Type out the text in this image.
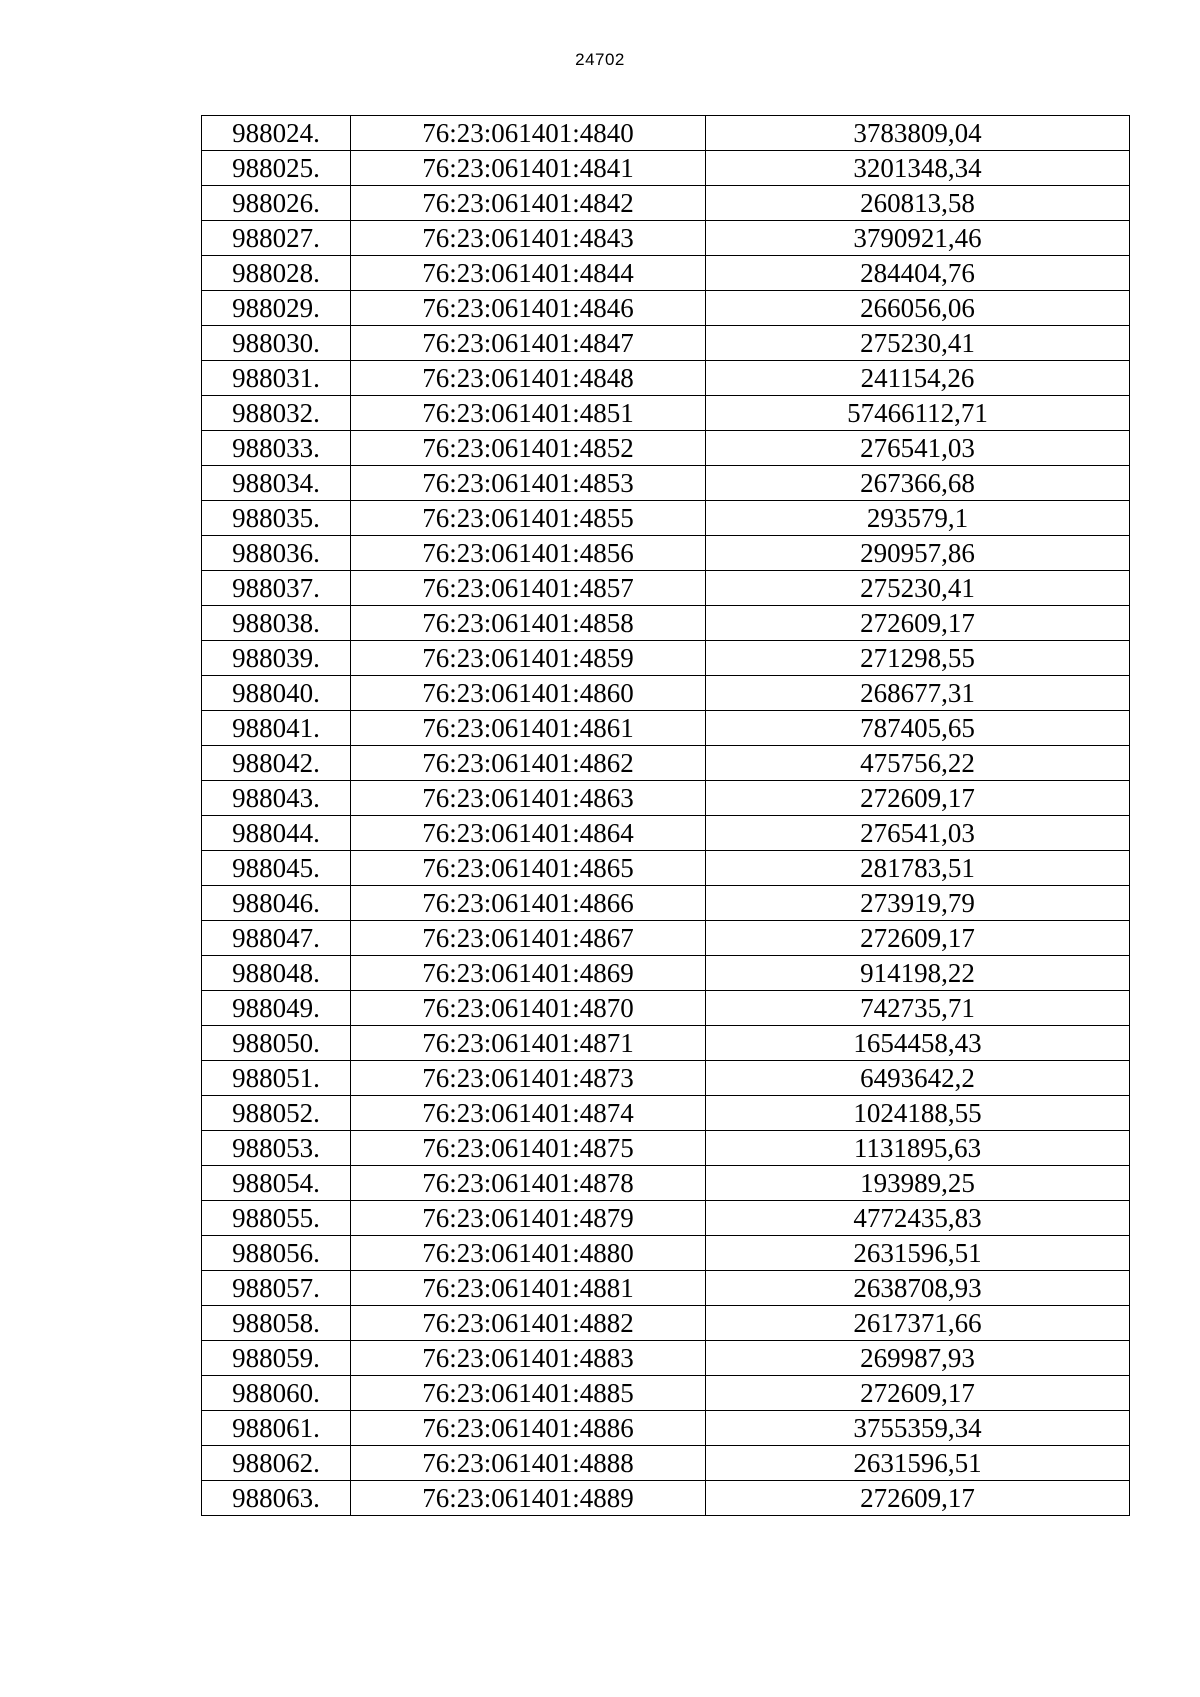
24702
988024.	76:23:061401:4840	3783809,04
988025.	76:23:061401:4841	3201348,34
988026.	76:23:061401:4842	260813,58
988027.	76:23:061401:4843	3790921,46
988028.	76:23:061401:4844	284404,76
988029.	76:23:061401:4846	266056,06
988030.	76:23:061401:4847	275230,41
988031.	76:23:061401:4848	241154,26
988032.	76:23:061401:4851	57466112,71
988033.	76:23:061401:4852	276541,03
988034.	76:23:061401:4853	267366,68
988035.	76:23:061401:4855	293579,1
988036.	76:23:061401:4856	290957,86
988037.	76:23:061401:4857	275230,41
988038.	76:23:061401:4858	272609,17
988039.	76:23:061401:4859	271298,55
988040.	76:23:061401:4860	268677,31
988041.	76:23:061401:4861	787405,65
988042.	76:23:061401:4862	475756,22
988043.	76:23:061401:4863	272609,17
988044.	76:23:061401:4864	276541,03
988045.	76:23:061401:4865	281783,51
988046.	76:23:061401:4866	273919,79
988047.	76:23:061401:4867	272609,17
988048.	76:23:061401:4869	914198,22
988049.	76:23:061401:4870	742735,71
988050.	76:23:061401:4871	1654458,43
988051.	76:23:061401:4873	6493642,2
988052.	76:23:061401:4874	1024188,55
988053.	76:23:061401:4875	1131895,63
988054.	76:23:061401:4878	193989,25
988055.	76:23:061401:4879	4772435,83
988056.	76:23:061401:4880	2631596,51
988057.	76:23:061401:4881	2638708,93
988058.	76:23:061401:4882	2617371,66
988059.	76:23:061401:4883	269987,93
988060.	76:23:061401:4885	272609,17
988061.	76:23:061401:4886	3755359,34
988062.	76:23:061401:4888	2631596,51
988063.	76:23:061401:4889	272609,17
